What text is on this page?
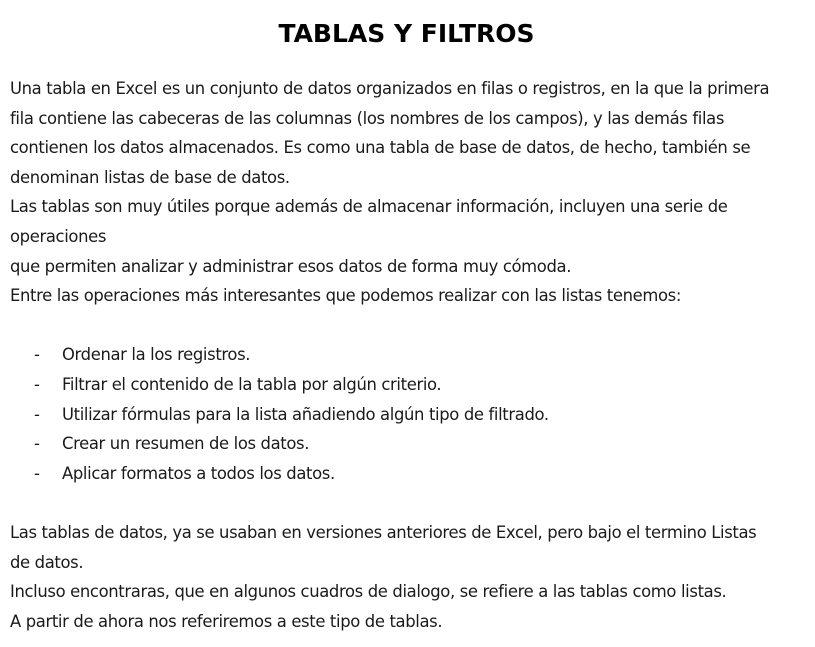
TABLAS Y FILTROS
Una tabla en Excel es un conjunto de datos organizados en filas o registros, en la que la primera
fila contiene las cabeceras de las columnas (los nombres de los campos), y las demás filas
contienen los datos almacenados. Es como una tabla de base de datos, de hecho, también se
denominan listas de base de datos.
Las tablas son muy útiles porque además de almacenar información, incluyen una serie de
operaciones
que permiten analizar y administrar esos datos de forma muy cómoda.
Entre las operaciones más interesantes que podemos realizar con las listas tenemos:
- Ordenar la los registros.
- Filtrar el contenido de la tabla por algún criterio.
- Utilizar fórmulas para la lista añadiendo algún tipo de filtrado.
- Crear un resumen de los datos.
- Aplicar formatos a todos los datos.
Las tablas de datos, ya se usaban en versiones anteriores de Excel, pero bajo el termino Listas
de datos.
Incluso encontraras, que en algunos cuadros de dialogo, se refiere a las tablas como listas.
A partir de ahora nos referiremos a este tipo de tablas.
